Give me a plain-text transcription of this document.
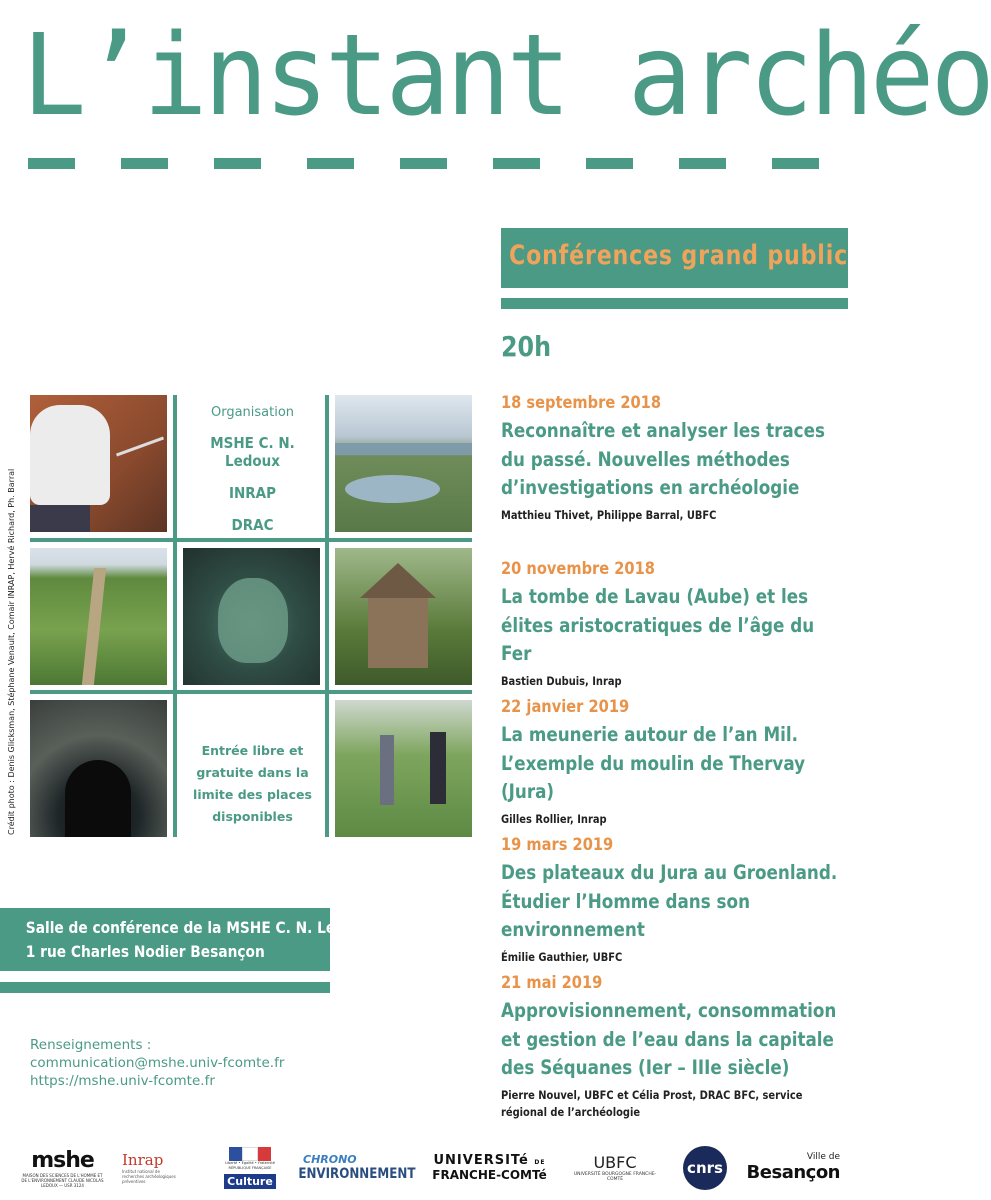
L’instant archéo
Conférences grand public
20h
18 septembre 2018
Reconnaître et analyser les traces du passé. Nouvelles méthodes d’investigations en archéologie
Matthieu Thivet, Philippe Barral, UBFC
20 novembre 2018
La tombe de Lavau (Aube) et les élites aristocratiques de l’âge du Fer
Bastien Dubuis, Inrap
22 janvier 2019
La meunerie autour de l’an Mil. L’exemple du moulin de Thervay (Jura)
Gilles Rollier, Inrap
19 mars 2019
Des plateaux du Jura au Groenland. Étudier l’Homme dans son environnement
Émilie Gauthier, UBFC
21 mai 2019
Approvisionnement, consommation et gestion de l’eau dans la capitale des Séquanes (Ier – IIIe siècle)
Pierre Nouvel, UBFC et Célia Prost, DRAC BFC, service régional de l’archéologie
Organisation
MSHE C. N. Ledoux
INRAP
DRAC
Entrée libre et gratuite dans la limite des places disponibles
Crédit photo : Denis Glicksman, Stéphane Venault, Comair INRAP, Hervé Richard, Ph. Barral
Salle de conférence de la MSHE C. N. Ledoux
1 rue Charles Nodier Besançon
Renseignements :
communication@mshe.univ-fcomte.fr
https://mshe.univ-fcomte.fr
mshe
MAISON DES SCIENCES DE L'HOMME ET DE L'ENVIRONNEMENT CLAUDE NICOLAS LEDOUX — USR 3124
Inrap
Institut national de recherches archéologiques préventives
Liberté • Égalité • Fraternité RÉPUBLIQUE FRANÇAISE
Culture
CHRONO
ENVIRONNEMENT
UNIVERSITé DE
FRANCHE-COMTé
UBFC
UNIVERSITÉ BOURGOGNE FRANCHE-COMTÉ
cnrs
Ville de
Besançon
